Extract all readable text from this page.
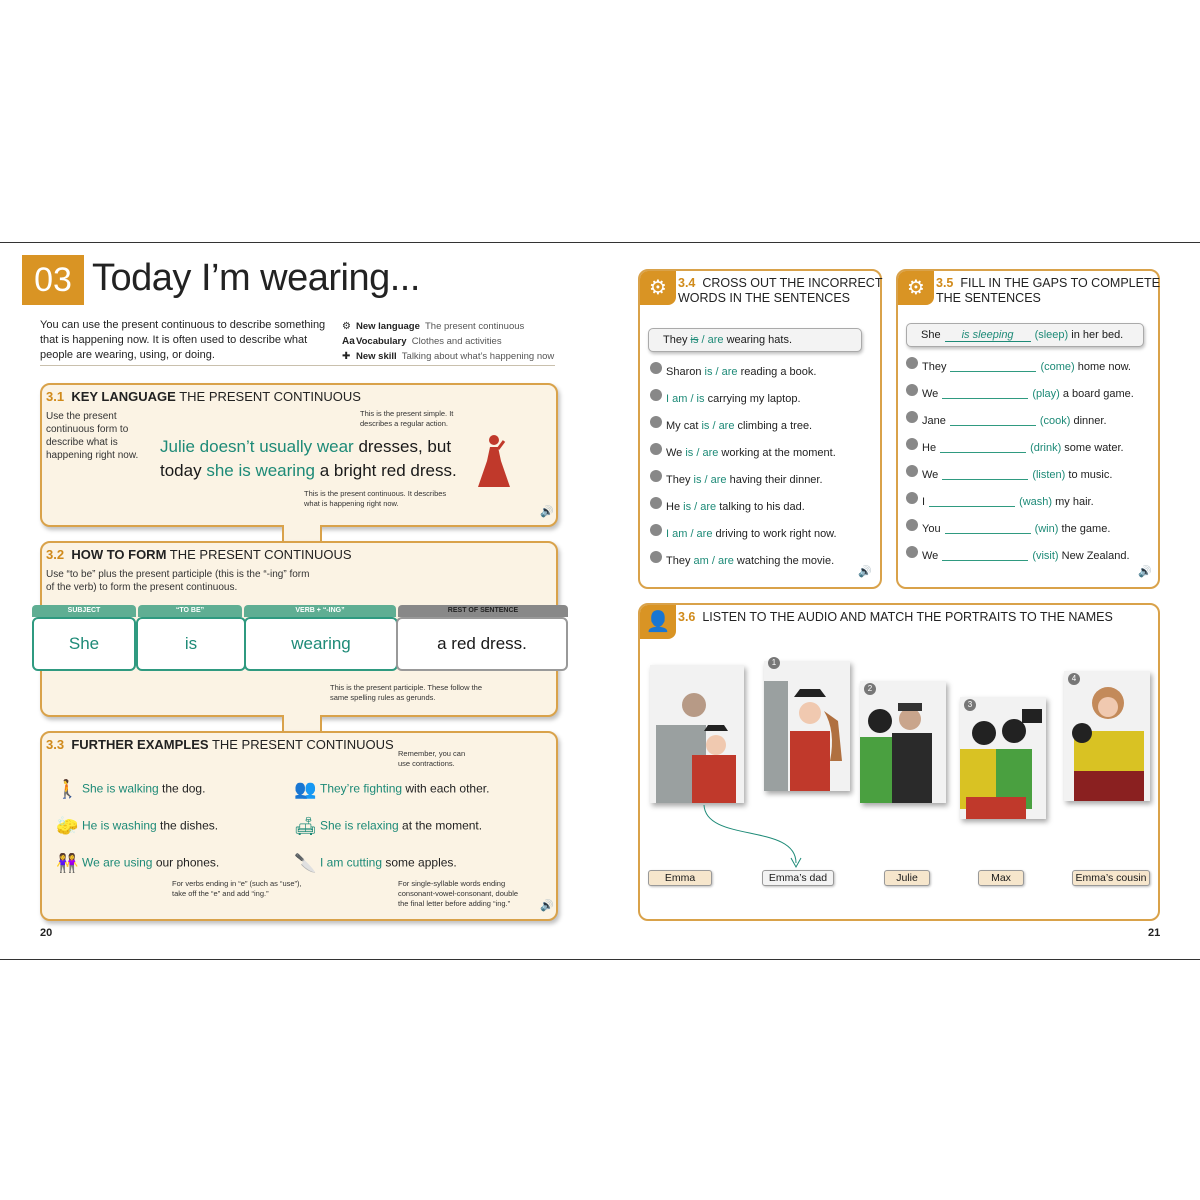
03 Today I’m wearing...
You can use the present continuous to describe something that is happening now. It is often used to describe what people are wearing, using, or doing.
⚙ New language The present continuous
AaVocabulary Clothes and activities
✚ New skill Talking about what’s happening now
3.1 KEY LANGUAGE THE PRESENT CONTINUOUS
Use the present continuous form to describe what is happening right now.
This is the present simple. It describes a regular action.
Julie doesn’t usually wear dresses, but
today she is wearing a bright red dress.
This is the present continuous. It describes what is happening right now.
🔊
3.2 HOW TO FORM THE PRESENT CONTINUOUS
Use “to be” plus the present participle (this is the “-ing” form of the verb) to form the present continuous.
SUBJECT	“TO BE”	VERB + “-ING”	REST OF SENTENCE
She	is	wearing	a red dress.
This is the present participle. These follow the same spelling rules as gerunds.
3.3 FURTHER EXAMPLES THE PRESENT CONTINUOUS
Remember, you can use contractions.
🚶 She is walking the dog.	👥 They’re fighting with each other.
🧽 He is washing the dishes.	🛋 She is relaxing at the moment.
👭 We are using our phones.	🔪 I am cutting some apples.
For verbs ending in “e” (such as “use”), take off the “e” and add “ing.”
For single-syllable words ending consonant-vowel-consonant, double the final letter before adding “ing.”	🔊
20
⚙ 3.4 CROSS OUT THE INCORRECT
WORDS IN THE SENTENCES
They is / are wearing hats.
Sharon is / are reading a book.
I am / is carrying my laptop.
My cat is / are climbing a tree.
We is / are working at the moment.
They is / are having their dinner.
He is / are talking to his dad.
I am / are driving to work right now.
They am / are watching the movie.
🔊
⚙ 3.5 FILL IN THE GAPS TO COMPLETE
THE SENTENCES
She is sleeping (sleep) in her bed.
They	(come) home now.
We	(play) a board game.
Jane	(cook) dinner.
He	(drink) some water.
We	(listen) to music.
I	(wash) my hair.
You	(win) the game.
We	(visit) New Zealand.
🔊
👤 3.6 LISTEN TO THE AUDIO AND MATCH THE PORTRAITS TO THE NAMES
1
2
3
4
Emma	Emma’s dad	Julie	Max	Emma’s cousin
21
